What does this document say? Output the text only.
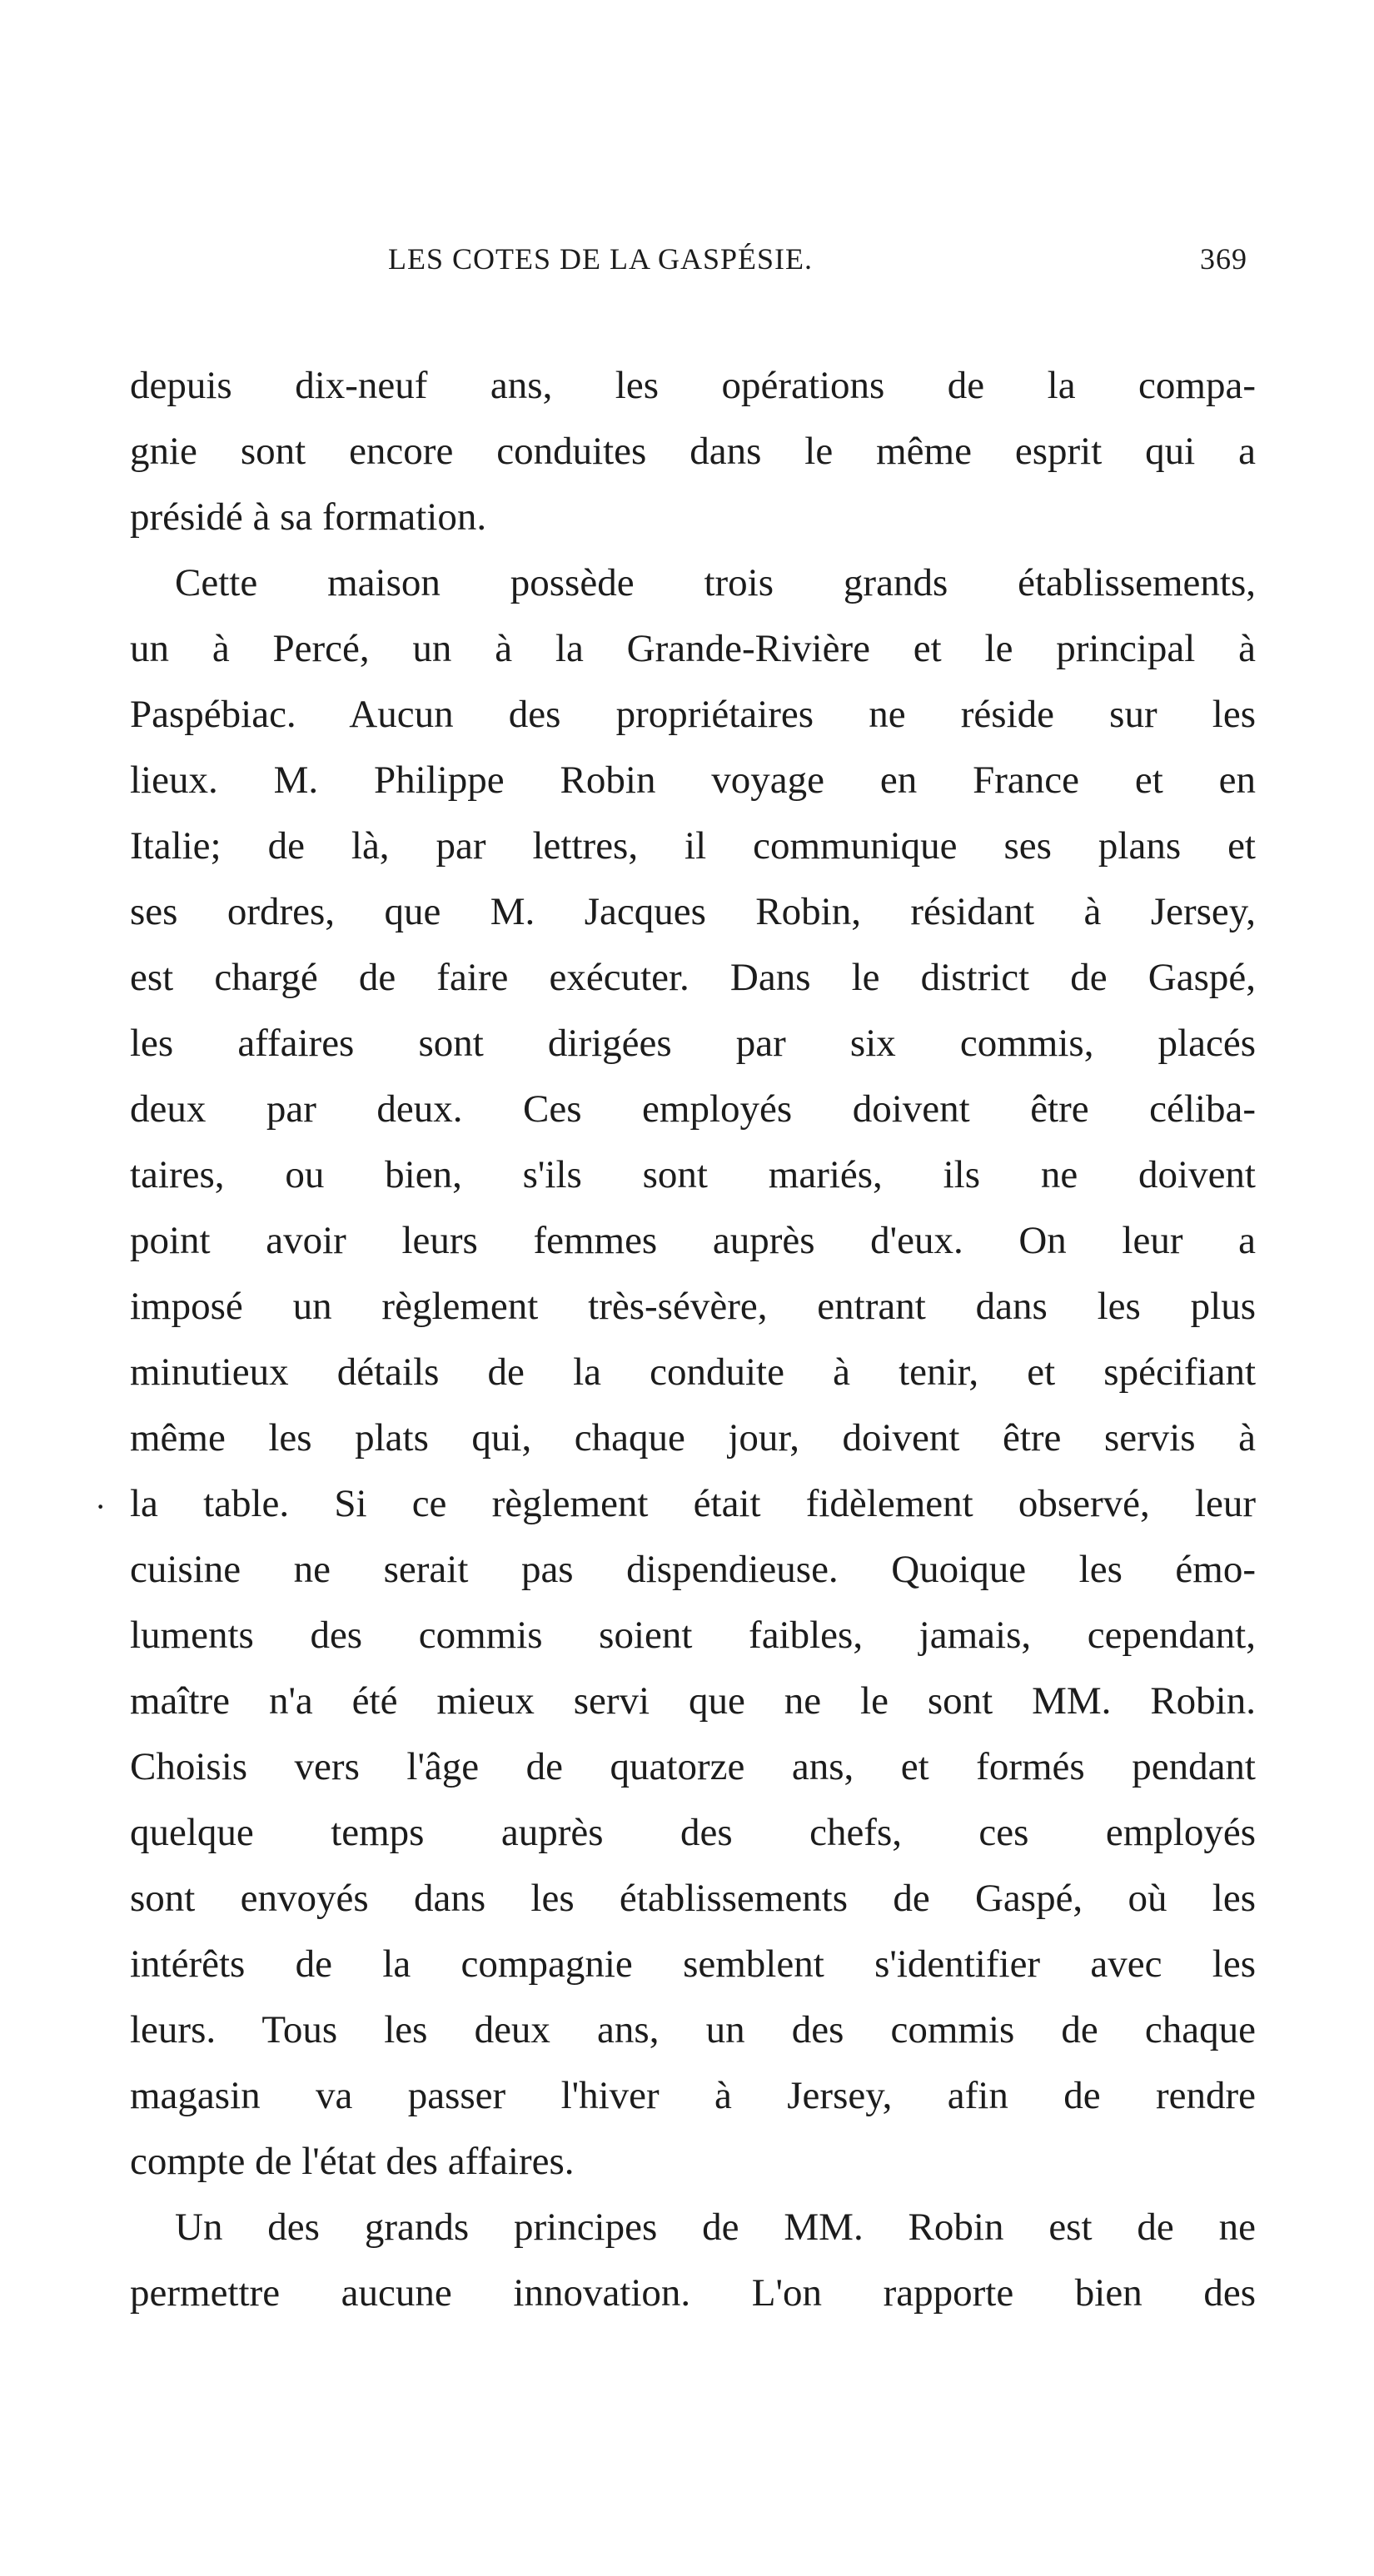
LES COTES DE LA GASPÉSIE.	369
·
depuis dix-neuf ans, les opérations de la compa-
gnie sont encore conduites dans le même esprit qui a
présidé à sa formation.
Cette maison possède trois grands établissements,
un à Percé, un à la Grande-Rivière et le principal à
Paspébiac. Aucun des propriétaires ne réside sur les
lieux. M. Philippe Robin voyage en France et en
Italie; de là, par lettres, il communique ses plans et
ses ordres, que M. Jacques Robin, résidant à Jersey,
est chargé de faire exécuter. Dans le district de Gaspé,
les affaires sont dirigées par six commis, placés
deux par deux. Ces employés doivent être céliba-
taires, ou bien, s'ils sont mariés, ils ne doivent
point avoir leurs femmes auprès d'eux. On leur a
imposé un règlement très-sévère, entrant dans les plus
minutieux détails de la conduite à tenir, et spécifiant
même les plats qui, chaque jour, doivent être servis à
la table. Si ce règlement était fidèlement observé, leur
cuisine ne serait pas dispendieuse. Quoique les émo-
luments des commis soient faibles, jamais, cependant,
maître n'a été mieux servi que ne le sont MM. Robin.
Choisis vers l'âge de quatorze ans, et formés pendant
quelque temps auprès des chefs, ces employés
sont envoyés dans les établissements de Gaspé, où les
intérêts de la compagnie semblent s'identifier avec les
leurs. Tous les deux ans, un des commis de chaque
magasin va passer l'hiver à Jersey, afin de rendre
compte de l'état des affaires.
Un des grands principes de MM. Robin est de ne
permettre aucune innovation. L'on rapporte bien des
